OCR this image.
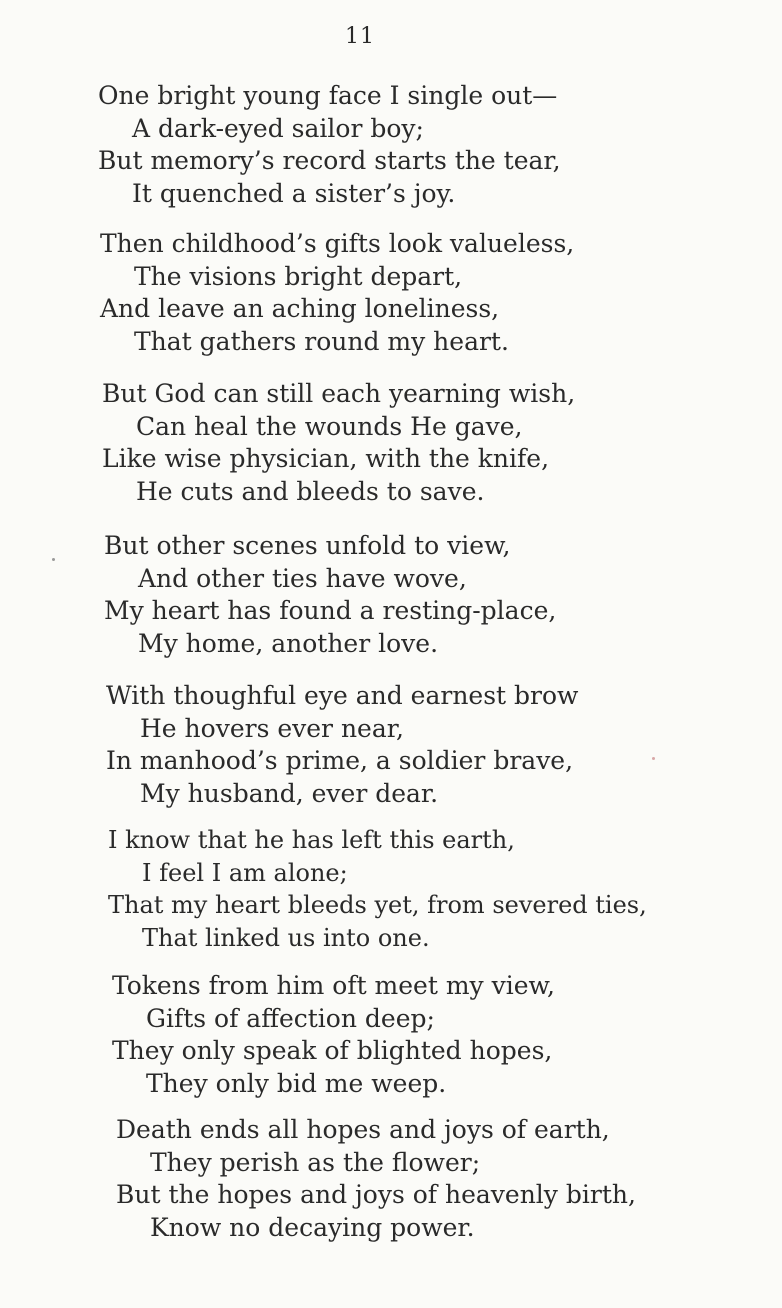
11
One bright young face I single out—
A dark-eyed sailor boy;
But memory’s record starts the tear,
It quenched a sister’s joy.
Then childhood’s gifts look valueless,
The visions bright depart,
And leave an aching loneliness,
That gathers round my heart.
But God can still each yearning wish,
Can heal the wounds He gave,
Like wise physician, with the knife,
He cuts and bleeds to save.
But other scenes unfold to view,
And other ties have wove,
My heart has found a resting-place,
My home, another love.
With thoughful eye and earnest brow
He hovers ever near,
In manhood’s prime, a soldier brave,
My husband, ever dear.
I know that he has left this earth,
I feel I am alone;
That my heart bleeds yet, from severed ties,
That linked us into one.
Tokens from him oft meet my view,
Gifts of affection deep;
They only speak of blighted hopes,
They only bid me weep.
Death ends all hopes and joys of earth,
They perish as the flower;
But the hopes and joys of heavenly birth,
Know no decaying power.
